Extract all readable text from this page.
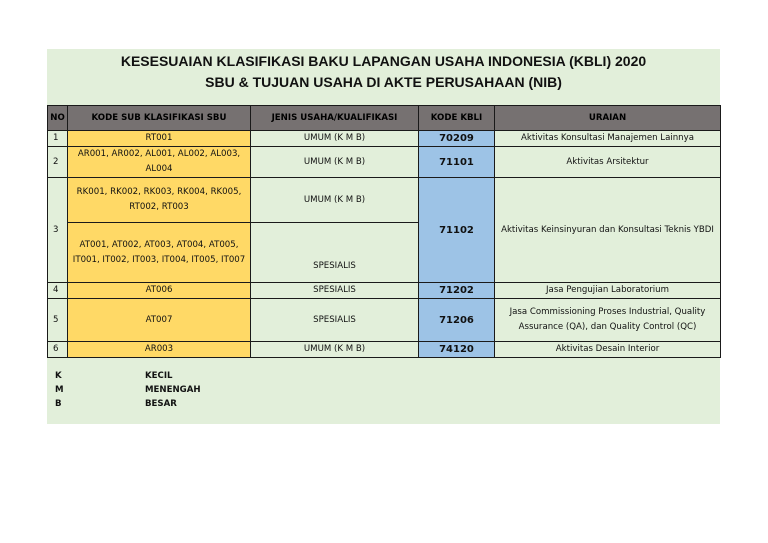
KESESUAIAN KLASIFIKASI BAKU LAPANGAN USAHA INDONESIA (KBLI) 2020
SBU & TUJUAN USAHA DI AKTE PERUSAHAAN (NIB)
NO	KODE SUB KLASIFIKASI SBU	JENIS USAHA/KUALIFIKASI	KODE KBLI	URAIAN
1	RT001	UMUM (K M B)	70209	Aktivitas Konsultasi Manajemen Lainnya
2	AR001, AR002, AL001, AL002, AL003, AL004	UMUM (K M B)	71101	Aktivitas Arsitektur
3	RK001, RK002, RK003, RK004, RK005, RT002, RT003	UMUM (K M B)	71102	Aktivitas Keinsinyuran dan Konsultasi Teknis YBDI
	AT001, AT002, AT003, AT004, AT005, IT001, IT002, IT003, IT004, IT005, IT007	SPESIALIS		
4	AT006	SPESIALIS	71202	Jasa Pengujian Laboratorium
5	AT007	SPESIALIS	71206	Jasa Commissioning Proses Industrial, Quality Assurance (QA), dan Quality Control (QC)
6	AR003	UMUM (K M B)	74120	Aktivitas Desain Interior
K	KECIL
M	MENENGAH
B	BESAR
